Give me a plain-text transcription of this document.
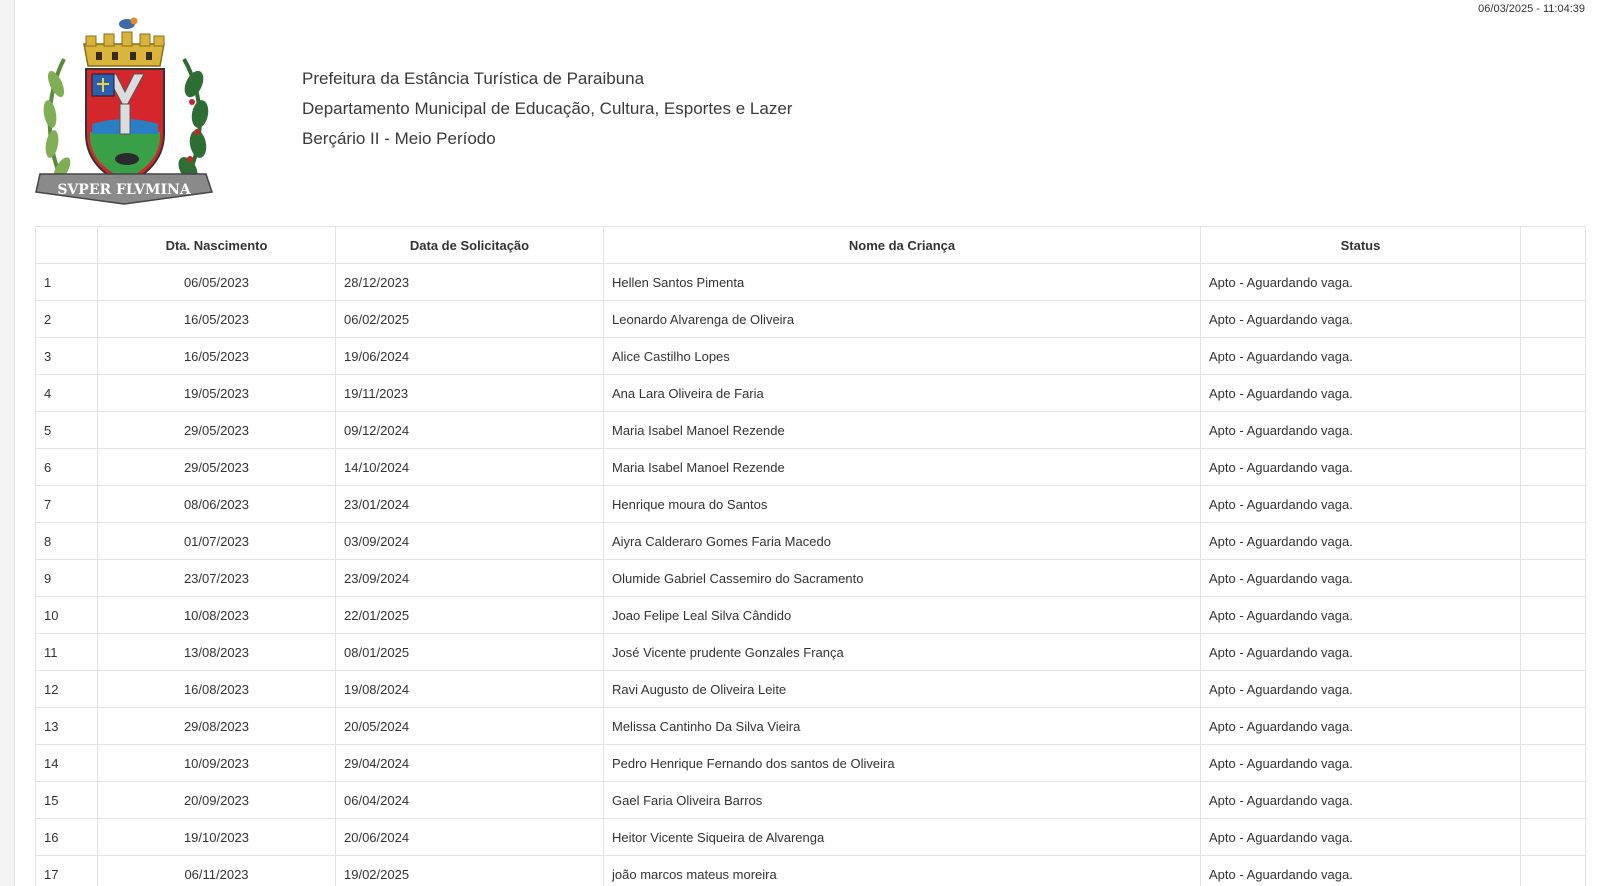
06/03/2025 - 11:04:39
SVPER FLVMINA
Prefeitura da Estância Turística de Paraibuna
Departamento Municipal de Educação, Cultura, Esportes e Lazer
Berçário II - Meio Período
	Dta. Nascimento	Data de Solicitação	Nome da Criança	Status	
1	06/05/2023	28/12/2023	Hellen Santos Pimenta	Apto - Aguardando vaga.	
2	16/05/2023	06/02/2025	Leonardo Alvarenga de Oliveira	Apto - Aguardando vaga.	
3	16/05/2023	19/06/2024	Alice Castilho Lopes	Apto - Aguardando vaga.	
4	19/05/2023	19/11/2023	Ana Lara Oliveira de Faria	Apto - Aguardando vaga.	
5	29/05/2023	09/12/2024	Maria Isabel Manoel Rezende	Apto - Aguardando vaga.	
6	29/05/2023	14/10/2024	Maria Isabel Manoel Rezende	Apto - Aguardando vaga.	
7	08/06/2023	23/01/2024	Henrique moura do Santos	Apto - Aguardando vaga.	
8	01/07/2023	03/09/2024	Aiyra Calderaro Gomes Faria Macedo	Apto - Aguardando vaga.	
9	23/07/2023	23/09/2024	Olumide Gabriel Cassemiro do Sacramento	Apto - Aguardando vaga.	
10	10/08/2023	22/01/2025	Joao Felipe Leal Silva Cândido	Apto - Aguardando vaga.	
11	13/08/2023	08/01/2025	José Vicente prudente Gonzales França	Apto - Aguardando vaga.	
12	16/08/2023	19/08/2024	Ravi Augusto de Oliveira Leite	Apto - Aguardando vaga.	
13	29/08/2023	20/05/2024	Melissa Cantinho Da Silva Vieira	Apto - Aguardando vaga.	
14	10/09/2023	29/04/2024	Pedro Henrique Fernando dos santos de Oliveira	Apto - Aguardando vaga.	
15	20/09/2023	06/04/2024	Gael Faria Oliveira Barros	Apto - Aguardando vaga.	
16	19/10/2023	20/06/2024	Heitor Vicente Siqueira de Alvarenga	Apto - Aguardando vaga.	
17	06/11/2023	19/02/2025	joão marcos mateus moreira	Apto - Aguardando vaga.	
